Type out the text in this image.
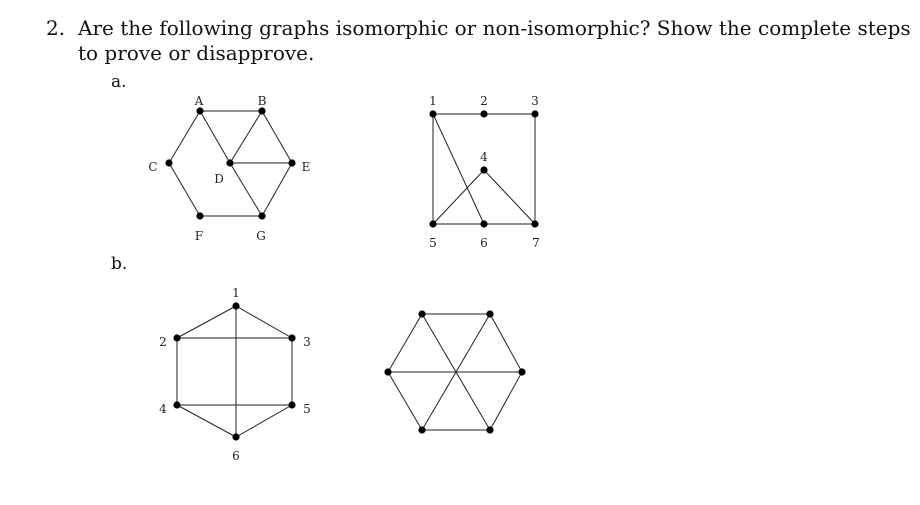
2. Are the following graphs isomorphic or non-isomorphic? Show the complete steps to prove or disapprove.
a.
b.
A	B
C
D
E
F	G
1	2	3
4
5	6	7
1
2	3
4	5
6
